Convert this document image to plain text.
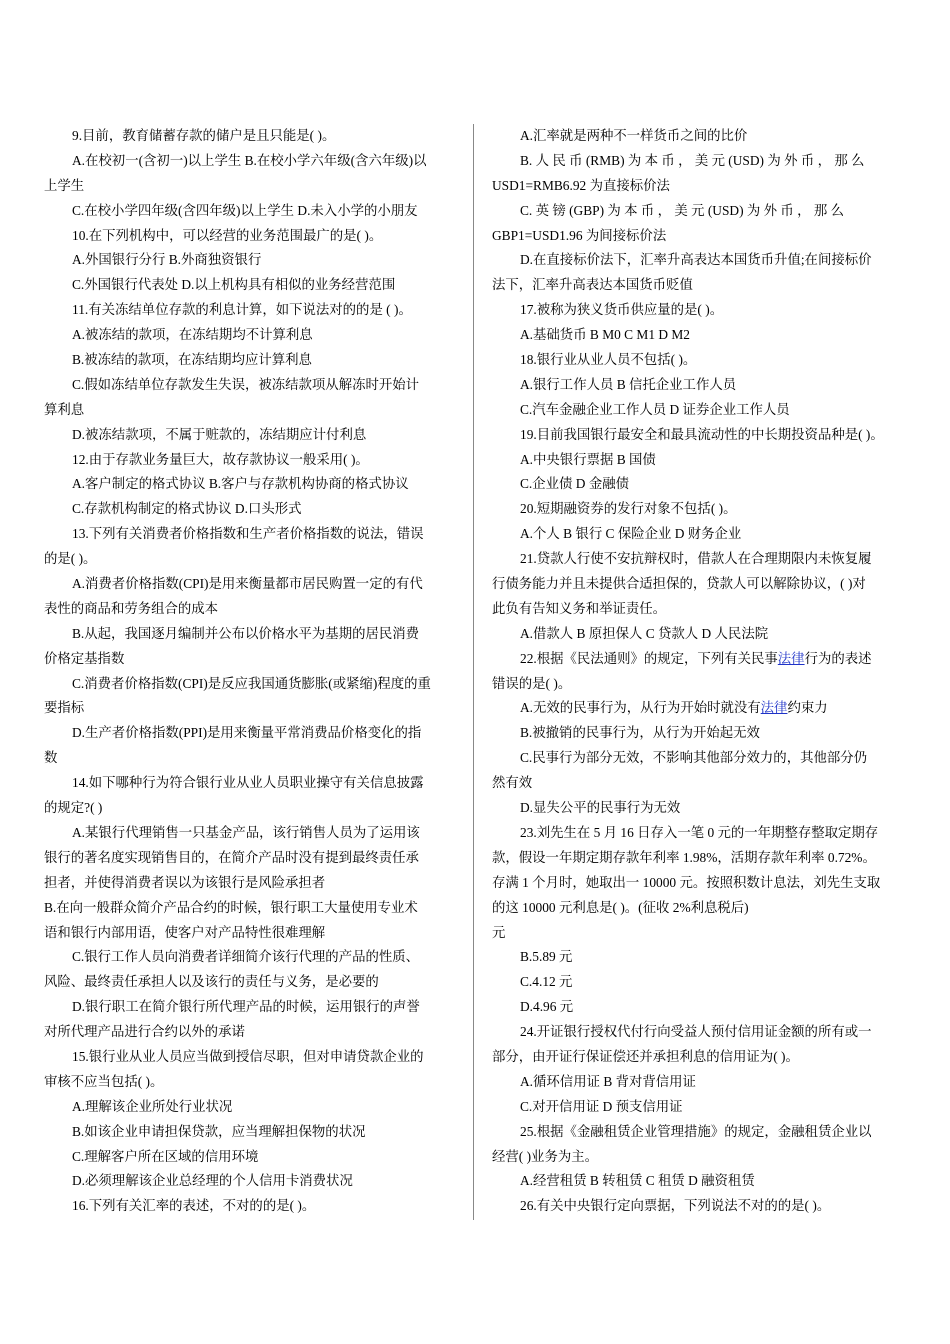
9.目前，教育储蓄存款的储户是且只能是( )。
A.在校初一(含初一)以上学生 B.在校小学六年级(含六年级)以
上学生
C.在校小学四年级(含四年级)以上学生 D.未入小学的小朋友
10.在下列机构中，可以经营的业务范围最广的是( )。
A.外国银行分行 B.外商独资银行
C.外国银行代表处 D.以上机构具有相似的业务经营范围
11.有关冻结单位存款的利息计算，如下说法对的的是 ( )。
A.被冻结的款项，在冻结期均不计算利息
B.被冻结的款项，在冻结期均应计算利息
C.假如冻结单位存款发生失误，被冻结款项从解冻时开始计
算利息
D.被冻结款项，不属于赃款的，冻结期应计付利息
12.由于存款业务量巨大，故存款协议一般采用( )。
A.客户制定的格式协议 B.客户与存款机构协商的格式协议
C.存款机构制定的格式协议 D.口头形式
13.下列有关消费者价格指数和生产者价格指数的说法，错误
的是( )。
A.消费者价格指数(CPI)是用来衡量都市居民购置一定的有代
表性的商品和劳务组合的成本
B.从起，我国逐月编制并公布以价格水平为基期的居民消费
价格定基指数
C.消费者价格指数(CPI)是反应我国通货膨胀(或紧缩)程度的重
要指标
D.生产者价格指数(PPI)是用来衡量平常消费品价格变化的指
数
14.如下哪种行为符合银行业从业人员职业操守有关信息披露
的规定?( )
A.某银行代理销售一只基金产品，该行销售人员为了运用该
银行的著名度实现销售目的，在简介产品时没有提到最终责任承
担者，并使得消费者误以为该银行是风险承担者
B.在向一般群众简介产品合约的时候，银行职工大量使用专业术
语和银行内部用语，使客户对产品特性很难理解
C.银行工作人员向消费者详细简介该行代理的产品的性质、
风险、最终责任承担人以及该行的责任与义务，是必要的
D.银行职工在简介银行所代理产品的时候，运用银行的声誉
对所代理产品进行合约以外的承诺
15.银行业从业人员应当做到授信尽职，但对申请贷款企业的
审核不应当包括( )。
A.理解该企业所处行业状况
B.如该企业申请担保贷款，应当理解担保物的状况
C.理解客户所在区域的信用环境
D.必须理解该企业总经理的个人信用卡消费状况
16.下列有关汇率的表述，不对的的是( )。
A.汇率就是两种不一样货币之间的比价
B. 人 民 币 (RMB) 为 本 币 ， 美 元 (USD) 为 外 币 ， 那 么
USD1=RMB6.92 为直接标价法
C. 英 镑 (GBP) 为 本 币 ， 美 元 (USD) 为 外 币 ， 那 么
GBP1=USD1.96 为间接标价法
D.在直接标价法下，汇率升高表达本国货币升值;在间接标价
法下，汇率升高表达本国货币贬值
17.被称为狭义货币供应量的是( )。
A.基础货币 B M0 C M1 D M2
18.银行业从业人员不包括( )。
A.银行工作人员 B 信托企业工作人员
C.汽车金融企业工作人员 D 证券企业工作人员
19.目前我国银行最安全和最具流动性的中长期投资品种是( )。
A.中央银行票据 B 国债
C.企业债 D 金融债
20.短期融资券的发行对象不包括( )。
A.个人 B 银行 C 保险企业 D 财务企业
21.贷款人行使不安抗辩权时，借款人在合理期限内未恢复履
行债务能力并且未提供合适担保的，贷款人可以解除协议，( )对
此负有告知义务和举证责任。
A.借款人 B 原担保人 C 贷款人 D 人民法院
22.根据《民法通则》的规定，下列有关民事法律行为的表述
错误的是( )。
A.无效的民事行为，从行为开始时就没有法律约束力
B.被撤销的民事行为，从行为开始起无效
C.民事行为部分无效，不影响其他部分效力的，其他部分仍
然有效
D.显失公平的民事行为无效
23.刘先生在 5 月 16 日存入一笔 0 元的一年期整存整取定期存
款，假设一年期定期存款年利率 1.98%，活期存款年利率 0.72%。
存满 1 个月时，她取出一 10000 元。按照积数计息法，刘先生支取
的这 10000 元利息是( )。(征收 2%利息税后)
元
B.5.89 元
C.4.12 元
D.4.96 元
24.开证银行授权代付行向受益人预付信用证金额的所有或一
部分，由开证行保证偿还并承担利息的信用证为( )。
A.循环信用证 B 背对背信用证
C.对开信用证 D 预支信用证
25.根据《金融租赁企业管理措施》的规定，金融租赁企业以
经营( )业务为主。
A.经营租赁 B 转租赁 C 租赁 D 融资租赁
26.有关中央银行定向票据，下列说法不对的的是( )。
